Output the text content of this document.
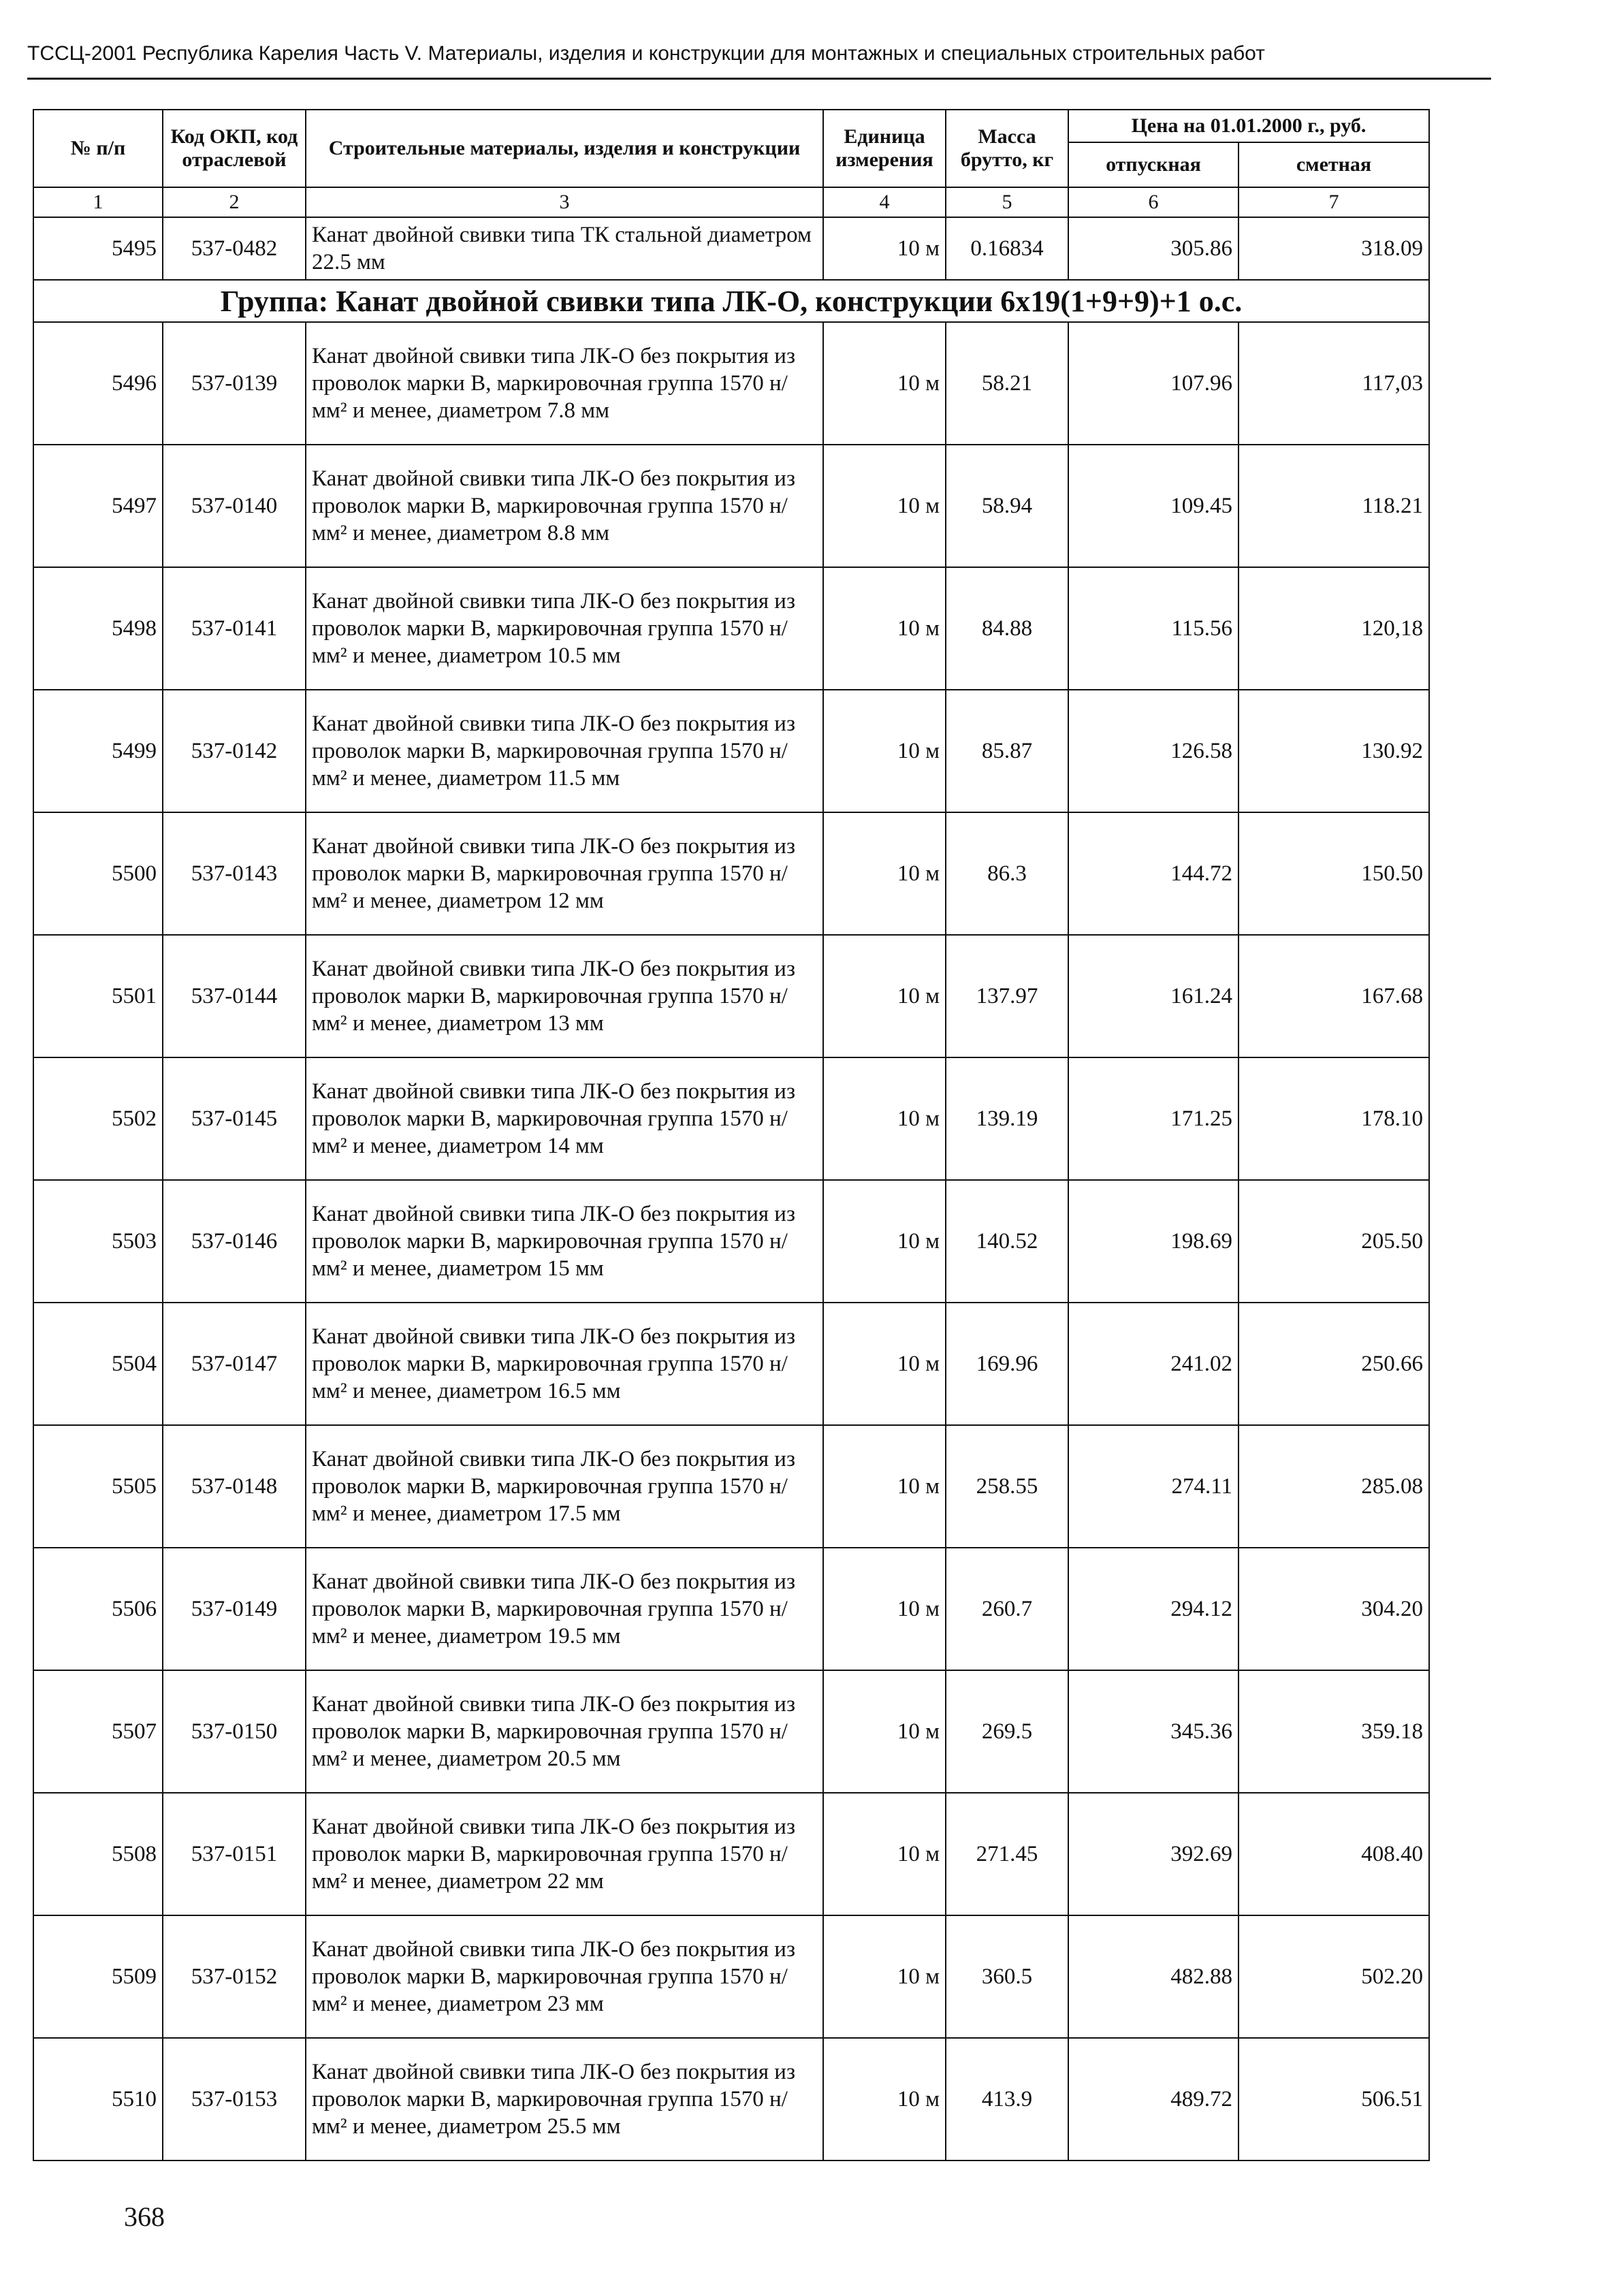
ТССЦ-2001 Республика Карелия Часть V. Материалы, изделия и конструкции для монтажных и специальных строительных работ
№ п/п	Код ОКП, код отраслевой	Строительные материалы, изделия и конструкции	Единица измерения	Масса брутто, кг	Цена на 01.01.2000 г., руб.	
					отпускная	сметная
1	2	3	4	5	6	7
5495	537-0482	Канат двойной свивки типа ТК стальной диаметром 22.5 мм	10 м	0.16834	305.86	318.09
Группа: Канат двойной свивки типа ЛК-О, конструкции 6х19(1+9+9)+1 о.с.						
5496	537-0139	Канат двойной свивки типа ЛК-О без покрытия из проволок марки В, маркировочная группа 1570 н/мм² и менее, диаметром 7.8 мм	10 м	58.21	107.96	117,03
5497	537-0140	Канат двойной свивки типа ЛК-О без покрытия из проволок марки В, маркировочная группа 1570 н/мм² и менее, диаметром 8.8 мм	10 м	58.94	109.45	118.21
5498	537-0141	Канат двойной свивки типа ЛК-О без покрытия из проволок марки В, маркировочная группа 1570 н/мм² и менее, диаметром 10.5 мм	10 м	84.88	115.56	120,18
5499	537-0142	Канат двойной свивки типа ЛК-О без покрытия из проволок марки В, маркировочная группа 1570 н/мм² и менее, диаметром 11.5 мм	10 м	85.87	126.58	130.92
5500	537-0143	Канат двойной свивки типа ЛК-О без покрытия из проволок марки В, маркировочная группа 1570 н/мм² и менее, диаметром 12 мм	10 м	86.3	144.72	150.50
5501	537-0144	Канат двойной свивки типа ЛК-О без покрытия из проволок марки В, маркировочная группа 1570 н/мм² и менее, диаметром 13 мм	10 м	137.97	161.24	167.68
5502	537-0145	Канат двойной свивки типа ЛК-О без покрытия из проволок марки В, маркировочная группа 1570 н/мм² и менее, диаметром 14 мм	10 м	139.19	171.25	178.10
5503	537-0146	Канат двойной свивки типа ЛК-О без покрытия из проволок марки В, маркировочная группа 1570 н/мм² и менее, диаметром 15 мм	10 м	140.52	198.69	205.50
5504	537-0147	Канат двойной свивки типа ЛК-О без покрытия из проволок марки В, маркировочная группа 1570 н/мм² и менее, диаметром 16.5 мм	10 м	169.96	241.02	250.66
5505	537-0148	Канат двойной свивки типа ЛК-О без покрытия из проволок марки В, маркировочная группа 1570 н/мм² и менее, диаметром 17.5 мм	10 м	258.55	274.11	285.08
5506	537-0149	Канат двойной свивки типа ЛК-О без покрытия из проволок марки В, маркировочная группа 1570 н/мм² и менее, диаметром 19.5 мм	10 м	260.7	294.12	304.20
5507	537-0150	Канат двойной свивки типа ЛК-О без покрытия из проволок марки В, маркировочная группа 1570 н/мм² и менее, диаметром 20.5 мм	10 м	269.5	345.36	359.18
5508	537-0151	Канат двойной свивки типа ЛК-О без покрытия из проволок марки В, маркировочная группа 1570 н/мм² и менее, диаметром 22 мм	10 м	271.45	392.69	408.40
5509	537-0152	Канат двойной свивки типа ЛК-О без покрытия из проволок марки В, маркировочная группа 1570 н/мм² и менее, диаметром 23 мм	10 м	360.5	482.88	502.20
5510	537-0153	Канат двойной свивки типа ЛК-О без покрытия из проволок марки В, маркировочная группа 1570 н/мм² и менее, диаметром 25.5 мм	10 м	413.9	489.72	506.51
368
